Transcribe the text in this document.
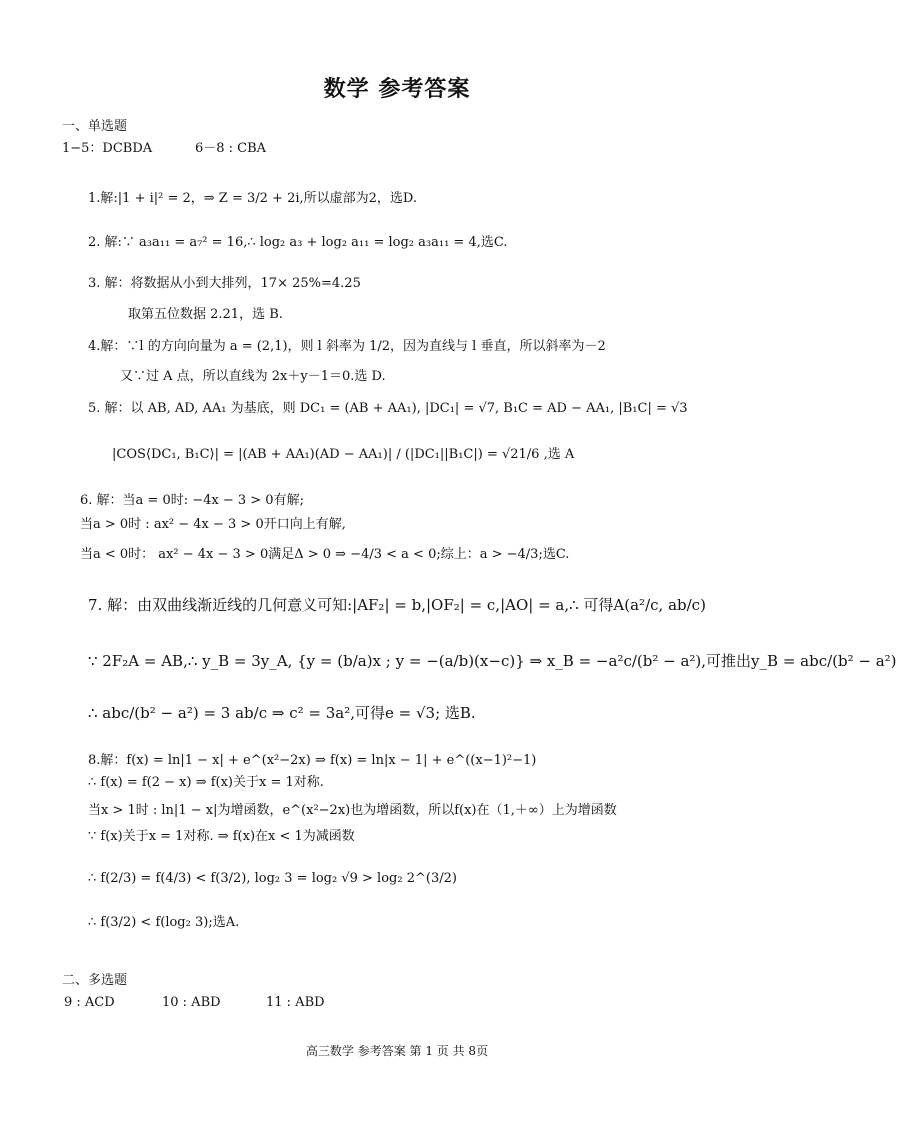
数学 参考答案
一、单选题
1−5：DCBDA	6－8 : CBA
1.解:|1 + i|² = 2，⇒ Z = 3/2 + 2i,所以虚部为2，选D.
2. 解:∵ a₃a₁₁ = a₇² = 16,∴ log₂ a₃ + log₂ a₁₁ = log₂ a₃a₁₁ = 4,选C.
3. 解：将数据从小到大排列，17× 25%=4.25
取第五位数据 2.21，选 B.
4.解：∵l 的方向向量为 a = (2,1)，则 l 斜率为 1/2，因为直线与 l 垂直，所以斜率为－2
又∵过 A 点，所以直线为 2x＋y－1＝0.选 D.
5. 解：以 AB, AD, AA₁ 为基底，则 DC₁ = (AB + AA₁), |DC₁| = √7, B₁C = AD − AA₁, |B₁C| = √3
|COS⟨DC₁, B₁C⟩| = |(AB + AA₁)(AD − AA₁)| / (|DC₁||B₁C|) = √21/6 ,选 A
6. 解：当a = 0时: −4x − 3 > 0有解;
当a > 0时 : ax² − 4x − 3 > 0开口向上有解,
当a < 0时： ax² − 4x − 3 > 0满足Δ > 0 ⇒ −4/3 < a < 0;综上：a > −4/3;选C.
7. 解：由双曲线渐近线的几何意义可知:|AF₂| = b,|OF₂| = c,|AO| = a,∴ 可得A(a²/c, ab/c)
∵ 2F₂A = AB,∴ y_B = 3y_A, {y = (b/a)x ; y = −(a/b)(x−c)} ⇒ x_B = −a²c/(b² − a²),可推出y_B = abc/(b² − a²)
∴ abc/(b² − a²) = 3 ab/c ⇒ c² = 3a²,可得e = √3; 选B.
8.解：f(x) = ln|1 − x| + e^(x²−2x) ⇒ f(x) = ln|x − 1| + e^((x−1)²−1)
∴ f(x) = f(2 − x) ⇒ f(x)关于x = 1对称.
当x > 1时 : ln|1 − x|为增函数，e^(x²−2x)也为增函数，所以f(x)在（1,＋∞）上为增函数
∵ f(x)关于x = 1对称. ⇒ f(x)在x < 1为减函数
∴ f(2/3) = f(4/3) < f(3/2), log₂ 3 = log₂ √9 > log₂ 2^(3/2)
∴ f(3/2) < f(log₂ 3);选A.
二、多选题
9 : ACD	10 : ABD	11 : ABD
高三数学 参考答案 第 1 页 共 8页
